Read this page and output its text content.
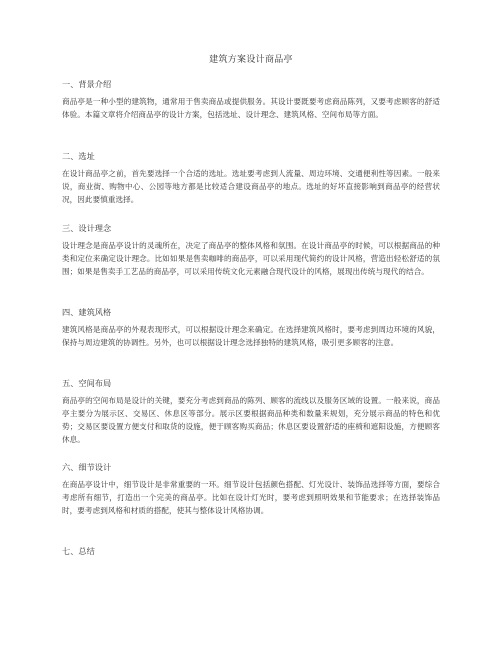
建筑方案设计商品亭
一、背景介绍

商品亭是一种小型的建筑物，通常用于售卖商品或提供服务。其设计要既要考虑商品陈列，又要考虑顾客的舒适体验。本篇文章将介绍商品亭的设计方案，包括选址、设计理念、建筑风格、空间布局等方面。

二、选址

在设计商品亭之前，首先要选择一个合适的选址。选址要考虑到人流量、周边环境、交通便利性等因素。一般来说，商业街、购物中心、公园等地方都是比较适合建设商品亭的地点。选址的好坏直接影响到商品亭的经营状况，因此要慎重选择。

三、设计理念

设计理念是商品亭设计的灵魂所在，决定了商品亭的整体风格和氛围。在设计商品亭的时候，可以根据商品的种类和定位来确定设计理念。比如如果是售卖咖啡的商品亭，可以采用现代简约的设计风格，营造出轻松舒适的氛围；如果是售卖手工艺品的商品亭，可以采用传统文化元素融合现代设计的风格，展现出传统与现代的结合。

四、建筑风格

建筑风格是商品亭的外观表现形式，可以根据设计理念来确定。在选择建筑风格时，要考虑到周边环境的风貌，保持与周边建筑的协调性。另外，也可以根据设计理念选择独特的建筑风格，吸引更多顾客的注意。

五、空间布局

商品亭的空间布局是设计的关键，要充分考虑到商品的陈列、顾客的流线以及服务区域的设置。一般来说，商品亭主要分为展示区、交易区、休息区等部分。展示区要根据商品种类和数量来规划，充分展示商品的特色和优势；交易区要设置方便支付和取货的设施，便于顾客购买商品；休息区要设置舒适的座椅和遮阳设施，方便顾客休息。

六、细节设计

在商品亭设计中，细节设计是非常重要的一环。细节设计包括颜色搭配、灯光设计、装饰品选择等方面，要综合考虑所有细节，打造出一个完美的商品亭。比如在设计灯光时，要考虑到照明效果和节能要求；在选择装饰品时，要考虑到风格和材质的搭配，使其与整体设计风格协调。

七、总结
